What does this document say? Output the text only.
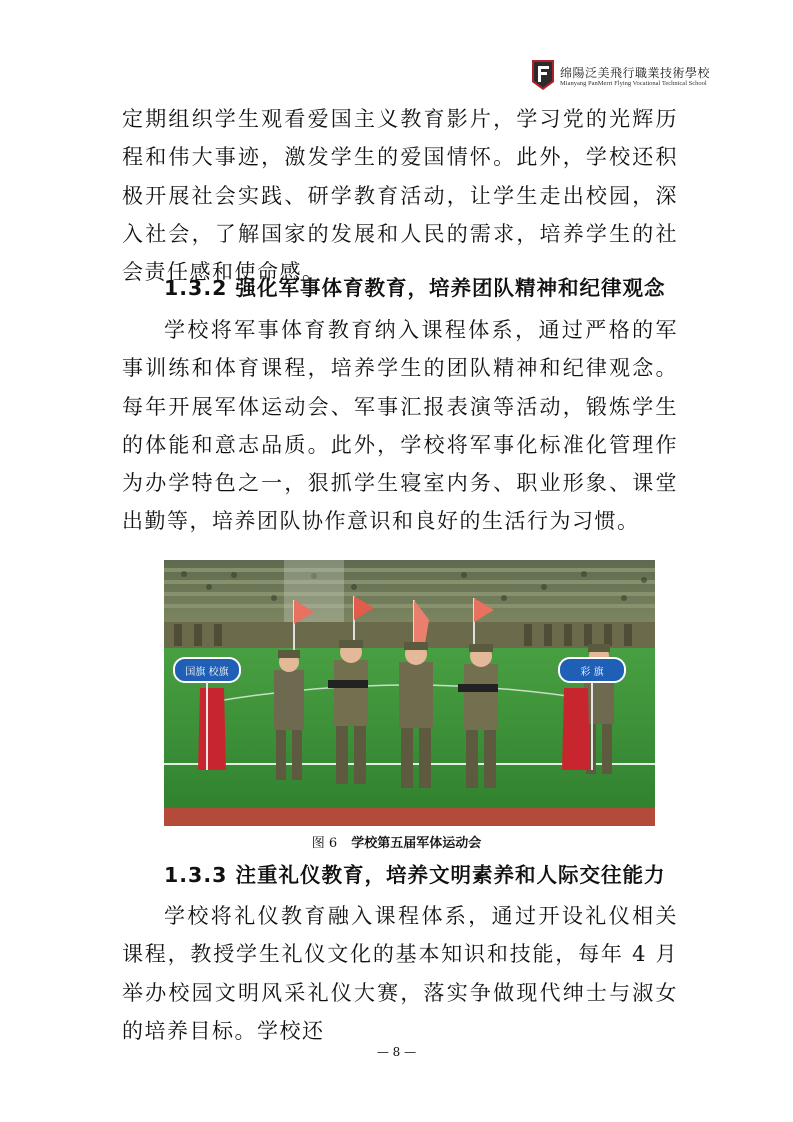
绵陽泛美飛行職業技術學校
Mianyang PanMerri Flying Vocational Technical School

定期组织学生观看爱国主义教育影片，学习党的光辉历程和伟大事迹，激发学生的爱国情怀。此外，学校还积极开展社会实践、研学教育活动，让学生走出校园，深入社会，了解国家的发展和人民的需求，培养学生的社会责任感和使命感。

1.3.2 强化军事体育教育，培养团队精神和纪律观念

学校将军事体育教育纳入课程体系，通过严格的军事训练和体育课程，培养学生的团队精神和纪律观念。每年开展军体运动会、军事汇报表演等活动，锻炼学生的体能和意志品质。此外，学校将军事化标准化管理作为办学特色之一，狠抓学生寝室内务、职业形象、课堂出勤等，培养团队协作意识和良好的生活行为习惯。

国旗 校旗	彩 旗
图 6 学校第五届军体运动会
1.3.3 注重礼仪教育，培养文明素养和人际交往能力

学校将礼仪教育融入课程体系，通过开设礼仪相关课程，教授学生礼仪文化的基本知识和技能，每年 4 月举办校园文明风采礼仪大赛，落实争做现代绅士与淑女的培养目标。学校还

— 8 —
